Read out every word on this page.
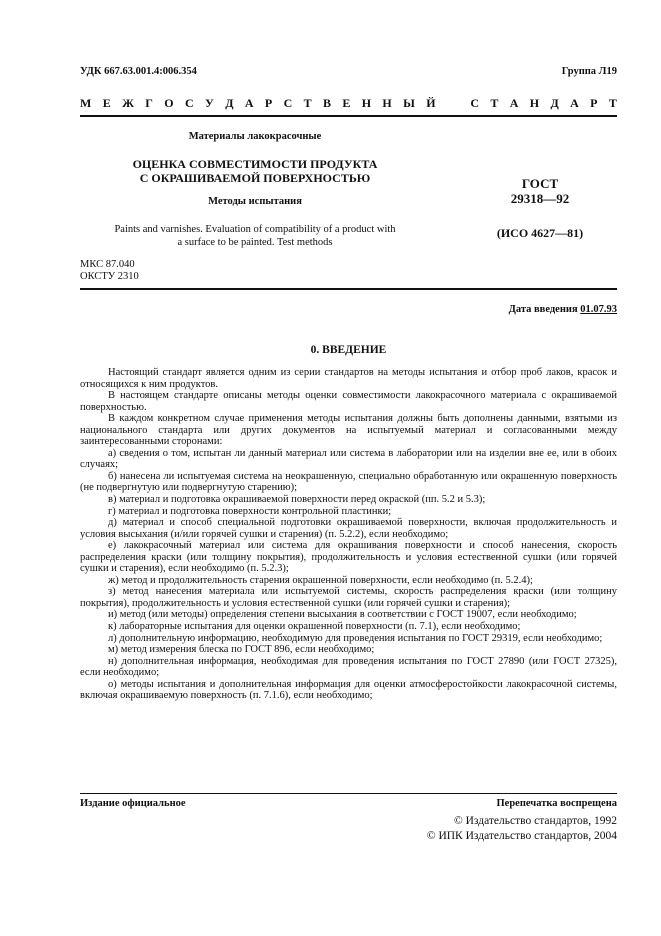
УДК 667.63.001.4:006.354	Группа Л19
М Е Ж Г О С У Д А Р С Т В Е Н Н Ы Й	С Т А Н Д А Р Т
Материалы лакокрасочные
ОЦЕНКА СОВМЕСТИМОСТИ ПРОДУКТА
С ОКРАШИВАЕМОЙ ПОВЕРХНОСТЬЮ
Методы испытания
Paints and varnishes. Evaluation of compatibility of a product with
a surface to be painted. Test methods
ГОСТ
29318—92
(ИСО 4627—81)
МКС 87.040
ОКСТУ 2310
Дата введения 01.07.93
0. ВВЕДЕНИЕ

Настоящий стандарт является одним из серии стандартов на методы испытания и отбор проб лаков, красок и относящихся к ним продуктов.

В настоящем стандарте описаны методы оценки совместимости лакокрасочного материала с окрашиваемой поверхностью.

В каждом конкретном случае применения методы испытания должны быть дополнены данными, взятыми из национального стандарта или других документов на испытуемый материал и согласованными между заинтересованными сторонами:

а) сведения о том, испытан ли данный материал или система в лаборатории или на изделии вне ее, или в обоих случаях;

б) нанесена ли испытуемая система на неокрашенную, специально обработанную или окрашенную поверхность (не подвергнутую или подвергнутую старению);

в) материал и подготовка окрашиваемой поверхности перед окраской (пп. 5.2 и 5.3);

г) материал и подготовка поверхности контрольной пластинки;

д) материал и способ специальной подготовки окрашиваемой поверхности, включая продолжительность и условия высыхания (и/или горячей сушки и старения) (п. 5.2.2), если необходимо;

е) лакокрасочный материал или система для окрашивания поверхности и способ нанесения, скорость распределения краски (или толщину покрытия), продолжительность и условия естественной сушки (или горячей сушки и старения), если необходимо (п. 5.2.3);

ж) метод и продолжительность старения окрашенной поверхности, если необходимо (п. 5.2.4);

з) метод нанесения материала или испытуемой системы, скорость распределения краски (или толщину покрытия), продолжительность и условия естественной сушки (или горячей сушки и старения);

и) метод (или методы) определения степени высыхания в соответствии с ГОСТ 19007, если необходимо;

к) лабораторные испытания для оценки окрашенной поверхности (п. 7.1), если необходимо;

л) дополнительную информацию, необходимую для проведения испытания по ГОСТ 29319, если необходимо;

м) метод измерения блеска по ГОСТ 896, если необходимо;

н) дополнительная информация, необходимая для проведения испытания по ГОСТ 27890 (или ГОСТ 27325), если необходимо;

о) методы испытания и дополнительная информация для оценки атмосферостойкости лакокрасочной системы, включая окрашиваемую поверхность (п. 7.1.6), если необходимо;

Издание официальное	Перепечатка воспрещена
© Издательство стандартов, 1992
© ИПК Издательство стандартов, 2004
